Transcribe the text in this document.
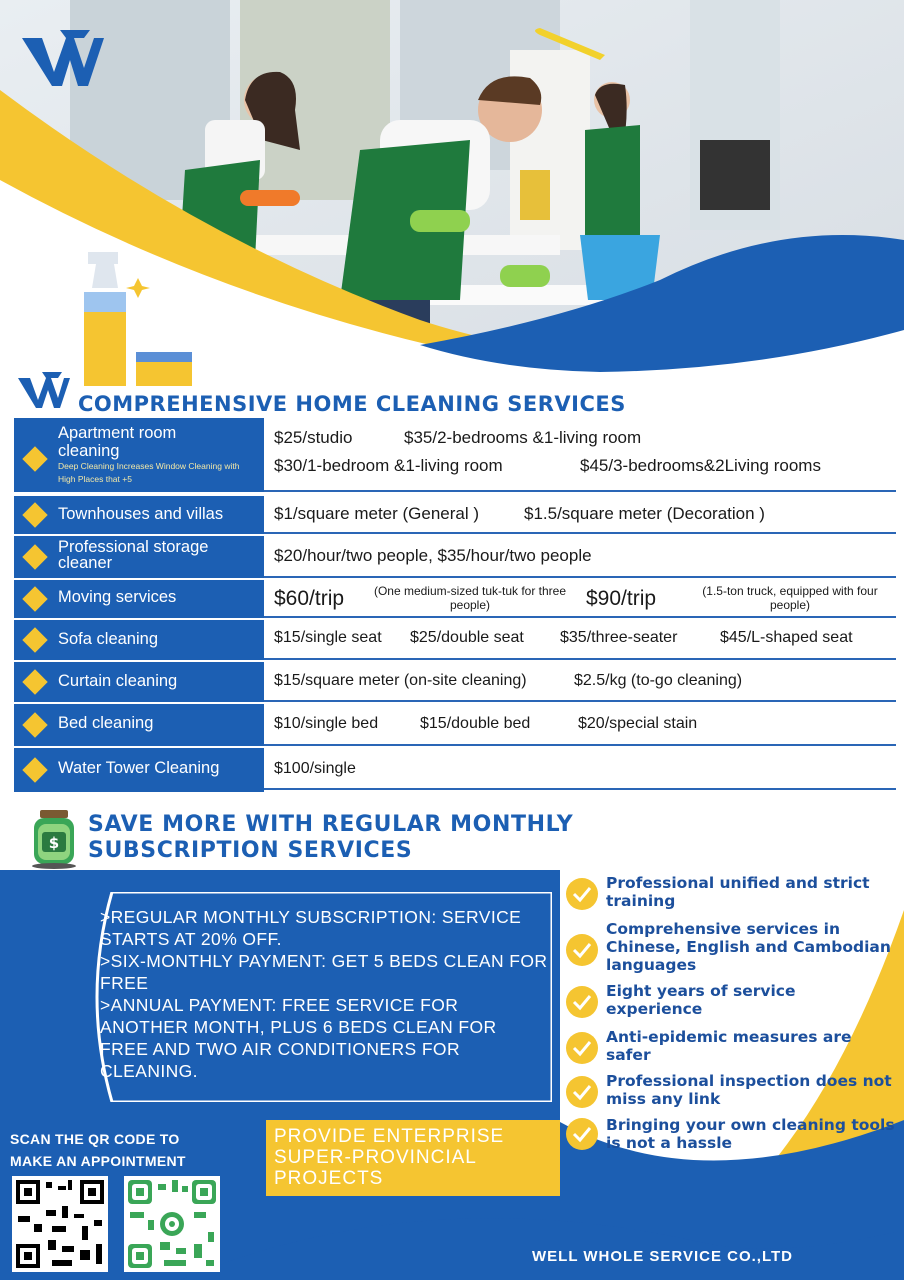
COMPREHENSIVE HOME CLEANING SERVICES
Apartment room cleaning
Deep Cleaning Increases Window Cleaning with High Places that +5
$25/studio	$35/2-bedrooms &1-living room
$30/1-bedroom &1-living room	$45/3-bedrooms&2Living rooms
Townhouses and villas	$1/square meter (General )	$1.5/square meter (Decoration )
Professional storage cleaner	$20/hour/two people, $35/hour/two people
Moving services	$60/trip	(One medium-sized tuk-tuk for three people)	$90/trip	(1.5-ton truck, equipped with four people)
Sofa cleaning	$15/single seat $25/double seat $35/three-seater	$45/L-shaped seat
Curtain cleaning	$15/square meter (on-site cleaning)	$2.5/kg (to-go cleaning)
Bed cleaning	$10/single bed	$15/double bed	$20/special stain
Water Tower Cleaning	$100/single
$
SAVE MORE WITH REGULAR MONTHLY
SUBSCRIPTION SERVICES
>REGULAR MONTHLY SUBSCRIPTION: SERVICE STARTS AT 20% OFF.
>SIX-MONTHLY PAYMENT: GET 5 BEDS CLEAN FOR FREE
>ANNUAL PAYMENT: FREE SERVICE FOR ANOTHER MONTH, PLUS 6 BEDS CLEAN FOR FREE AND TWO AIR CONDITIONERS FOR CLEANING.
Professional unified and strict training
Comprehensive services in Chinese, English and Cambodian languages
Eight years of service experience
Anti-epidemic measures are safer
Professional inspection does not miss any link
Bringing your own cleaning tools is not a hassle
SCAN THE QR CODE TO
MAKE AN APPOINTMENT
PROVIDE ENTERPRISE
SUPER-PROVINCIAL
PROJECTS
WELL WHOLE SERVICE CO.,LTD
